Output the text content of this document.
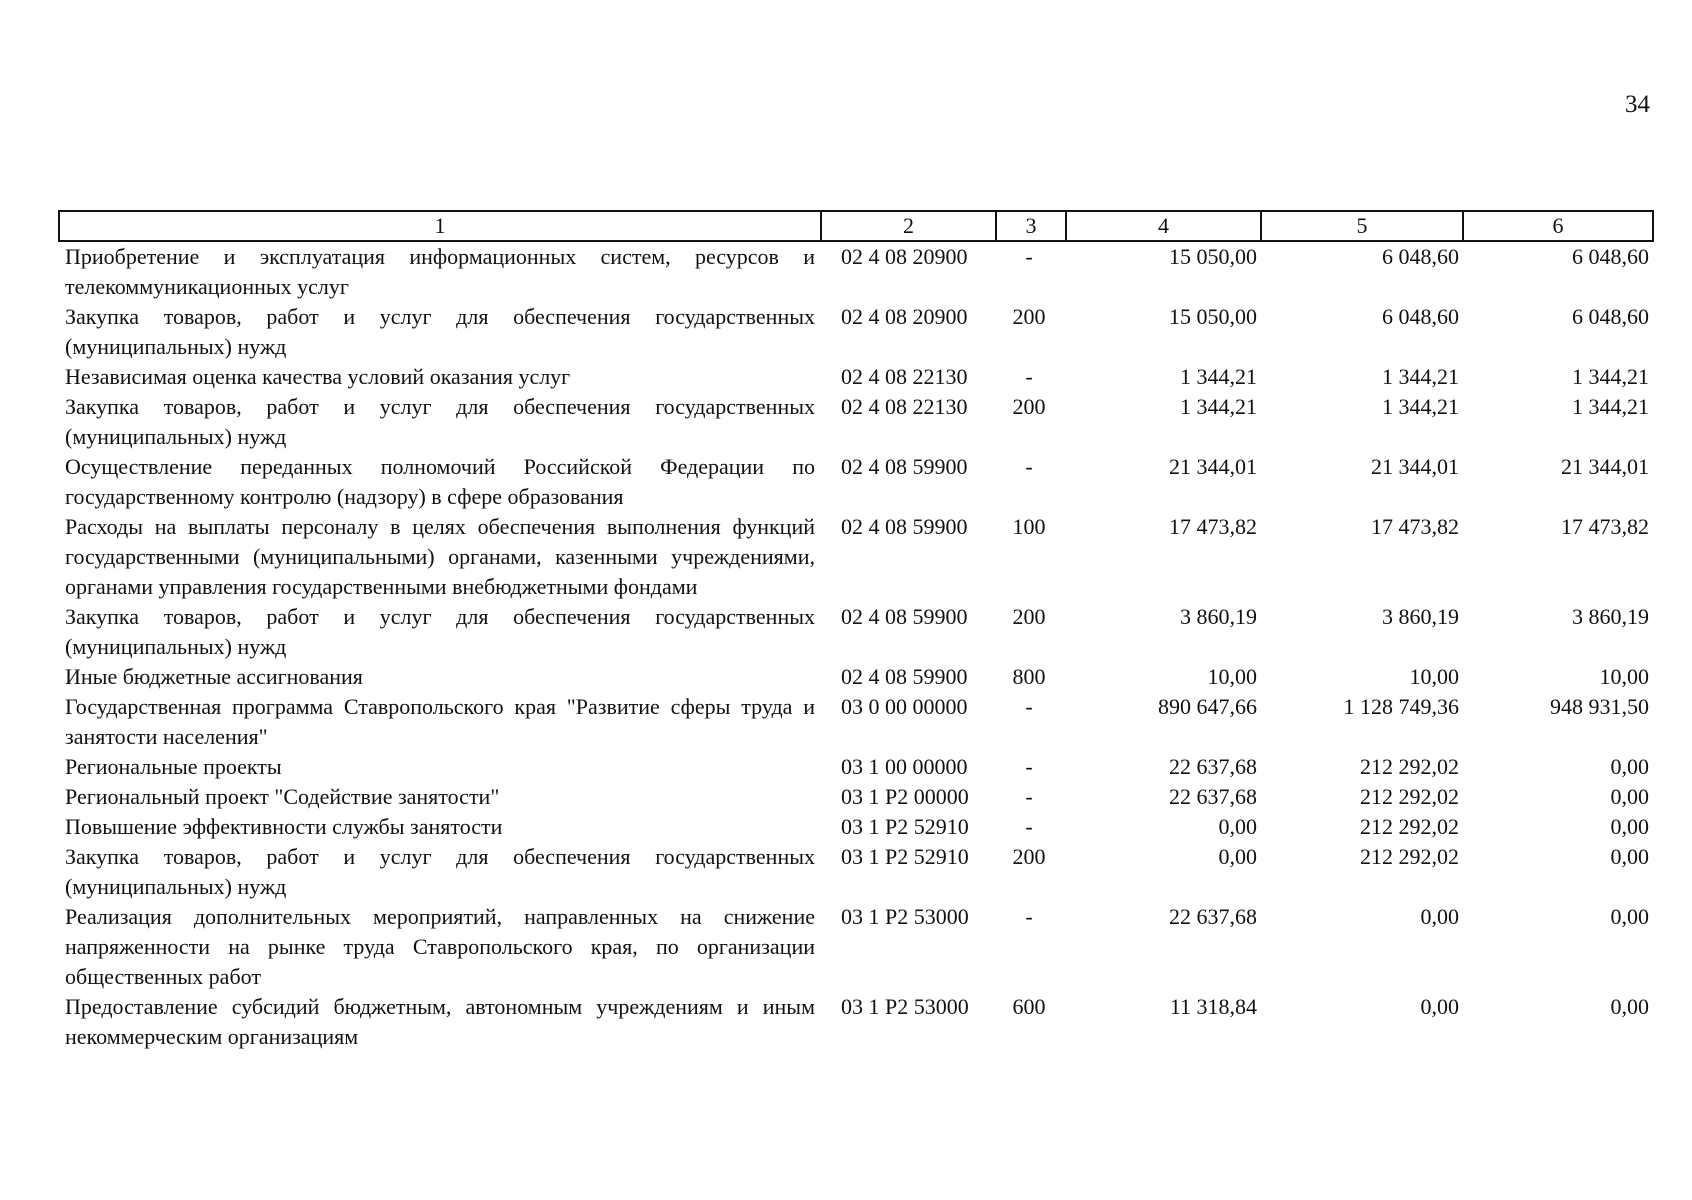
34
1	2	3	4	5	6
Приобретение и эксплуатация информационных систем, ресурсов и телекоммуникационных услуг	02 4 08 20900	-	15 050,00	6 048,60	6 048,60
Закупка товаров, работ и услуг для обеспечения государственных (муниципальных) нужд	02 4 08 20900	200	15 050,00	6 048,60	6 048,60
Независимая оценка качества условий оказания услуг	02 4 08 22130	-	1 344,21	1 344,21	1 344,21
Закупка товаров, работ и услуг для обеспечения государственных (муниципальных) нужд	02 4 08 22130	200	1 344,21	1 344,21	1 344,21
Осуществление переданных полномочий Российской Федерации по государственному контролю (надзору) в сфере образования	02 4 08 59900	-	21 344,01	21 344,01	21 344,01
Расходы на выплаты персоналу в целях обеспечения выполнения функций государственными (муниципальными) органами, казенными учреждениями, органами управления государственными внебюджетными фондами	02 4 08 59900	100	17 473,82	17 473,82	17 473,82
Закупка товаров, работ и услуг для обеспечения государственных (муниципальных) нужд	02 4 08 59900	200	3 860,19	3 860,19	3 860,19
Иные бюджетные ассигнования	02 4 08 59900	800	10,00	10,00	10,00
Государственная программа Ставропольского края "Развитие сферы труда и занятости населения"	03 0 00 00000	-	890 647,66	1 128 749,36	948 931,50
Региональные проекты	03 1 00 00000	-	22 637,68	212 292,02	0,00
Региональный проект "Содействие занятости"	03 1 P2 00000	-	22 637,68	212 292,02	0,00
Повышение эффективности службы занятости	03 1 P2 52910	-	0,00	212 292,02	0,00
Закупка товаров, работ и услуг для обеспечения государственных (муниципальных) нужд	03 1 P2 52910	200	0,00	212 292,02	0,00
Реализация дополнительных мероприятий, направленных на снижение напряженности на рынке труда Ставропольского края, по организации общественных работ	03 1 P2 53000	-	22 637,68	0,00	0,00
Предоставление субсидий бюджетным, автономным учреждениям и иным некоммерческим организациям	03 1 P2 53000	600	11 318,84	0,00	0,00
